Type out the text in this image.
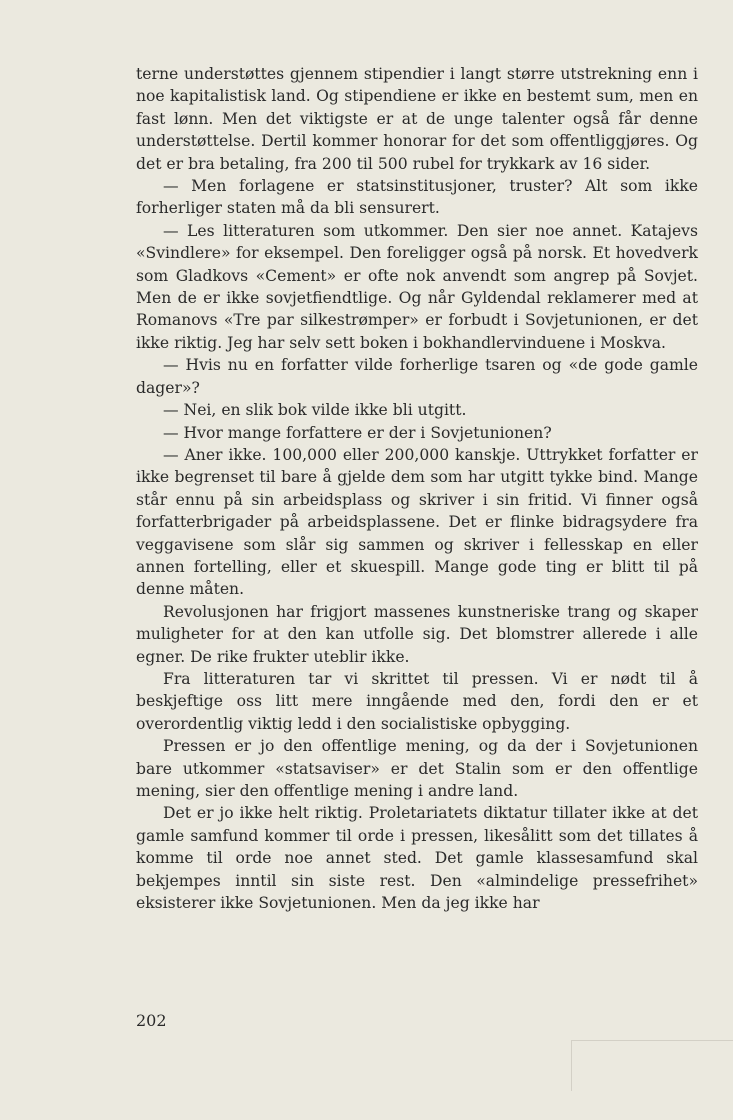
terne understøttes gjennem stipendier i langt større utstrekning enn i noe kapitalistisk land. Og stipendiene er ikke en bestemt sum, men en fast lønn. Men det viktigste er at de unge talenter også får denne understøttelse. Dertil kommer honorar for det som offentliggjøres. Og det er bra betaling, fra 200 til 500 rubel for trykkark av 16 sider.

— Men forlagene er statsinstitusjoner, truster? Alt som ikke forherliger staten må da bli sensurert.

— Les litteraturen som utkommer. Den sier noe annet. Katajevs «Svindlere» for eksempel. Den foreligger også på norsk. Et hovedverk som Gladkovs «Cement» er ofte nok anvendt som angrep på Sovjet. Men de er ikke sovjetfiendtlige. Og når Gyldendal reklamerer med at Romanovs «Tre par silkestrømper» er forbudt i Sovjetunionen, er det ikke riktig. Jeg har selv sett boken i bokhandlervinduene i Moskva.

— Hvis nu en forfatter vilde forherlige tsaren og «de gode gamle dager»?

— Nei, en slik bok vilde ikke bli utgitt.

— Hvor mange forfattere er der i Sovjetunionen?

— Aner ikke. 100,000 eller 200,000 kanskje. Uttrykket forfatter er ikke begrenset til bare å gjelde dem som har utgitt tykke bind. Mange står ennu på sin arbeidsplass og skriver i sin fritid. Vi finner også forfatterbrigader på arbeidsplassene. Det er flinke bidragsydere fra veggavisene som slår sig sammen og skriver i fellesskap en eller annen fortelling, eller et skuespill. Mange gode ting er blitt til på denne måten.

Revolusjonen har frigjort massenes kunstneriske trang og skaper muligheter for at den kan utfolle sig. Det blomstrer allerede i alle egner. De rike frukter uteblir ikke.

Fra litteraturen tar vi skrittet til pressen. Vi er nødt til å beskjeftige oss litt mere inngående med den, fordi den er et overordentlig viktig ledd i den socialistiske opbygging.

Pressen er jo den offentlige mening, og da der i Sovjetunionen bare utkommer «statsaviser» er det Stalin som er den offentlige mening, sier den offentlige mening i andre land.

Det er jo ikke helt riktig. Proletariatets diktatur tillater ikke at det gamle samfund kommer til orde i pressen, likesålitt som det tillates å komme til orde noe annet sted. Det gamle klassesamfund skal bekjempes inntil sin siste rest. Den «almindelige pressefrihet» eksisterer ikke Sovjetunionen. Men da jeg ikke har

202
